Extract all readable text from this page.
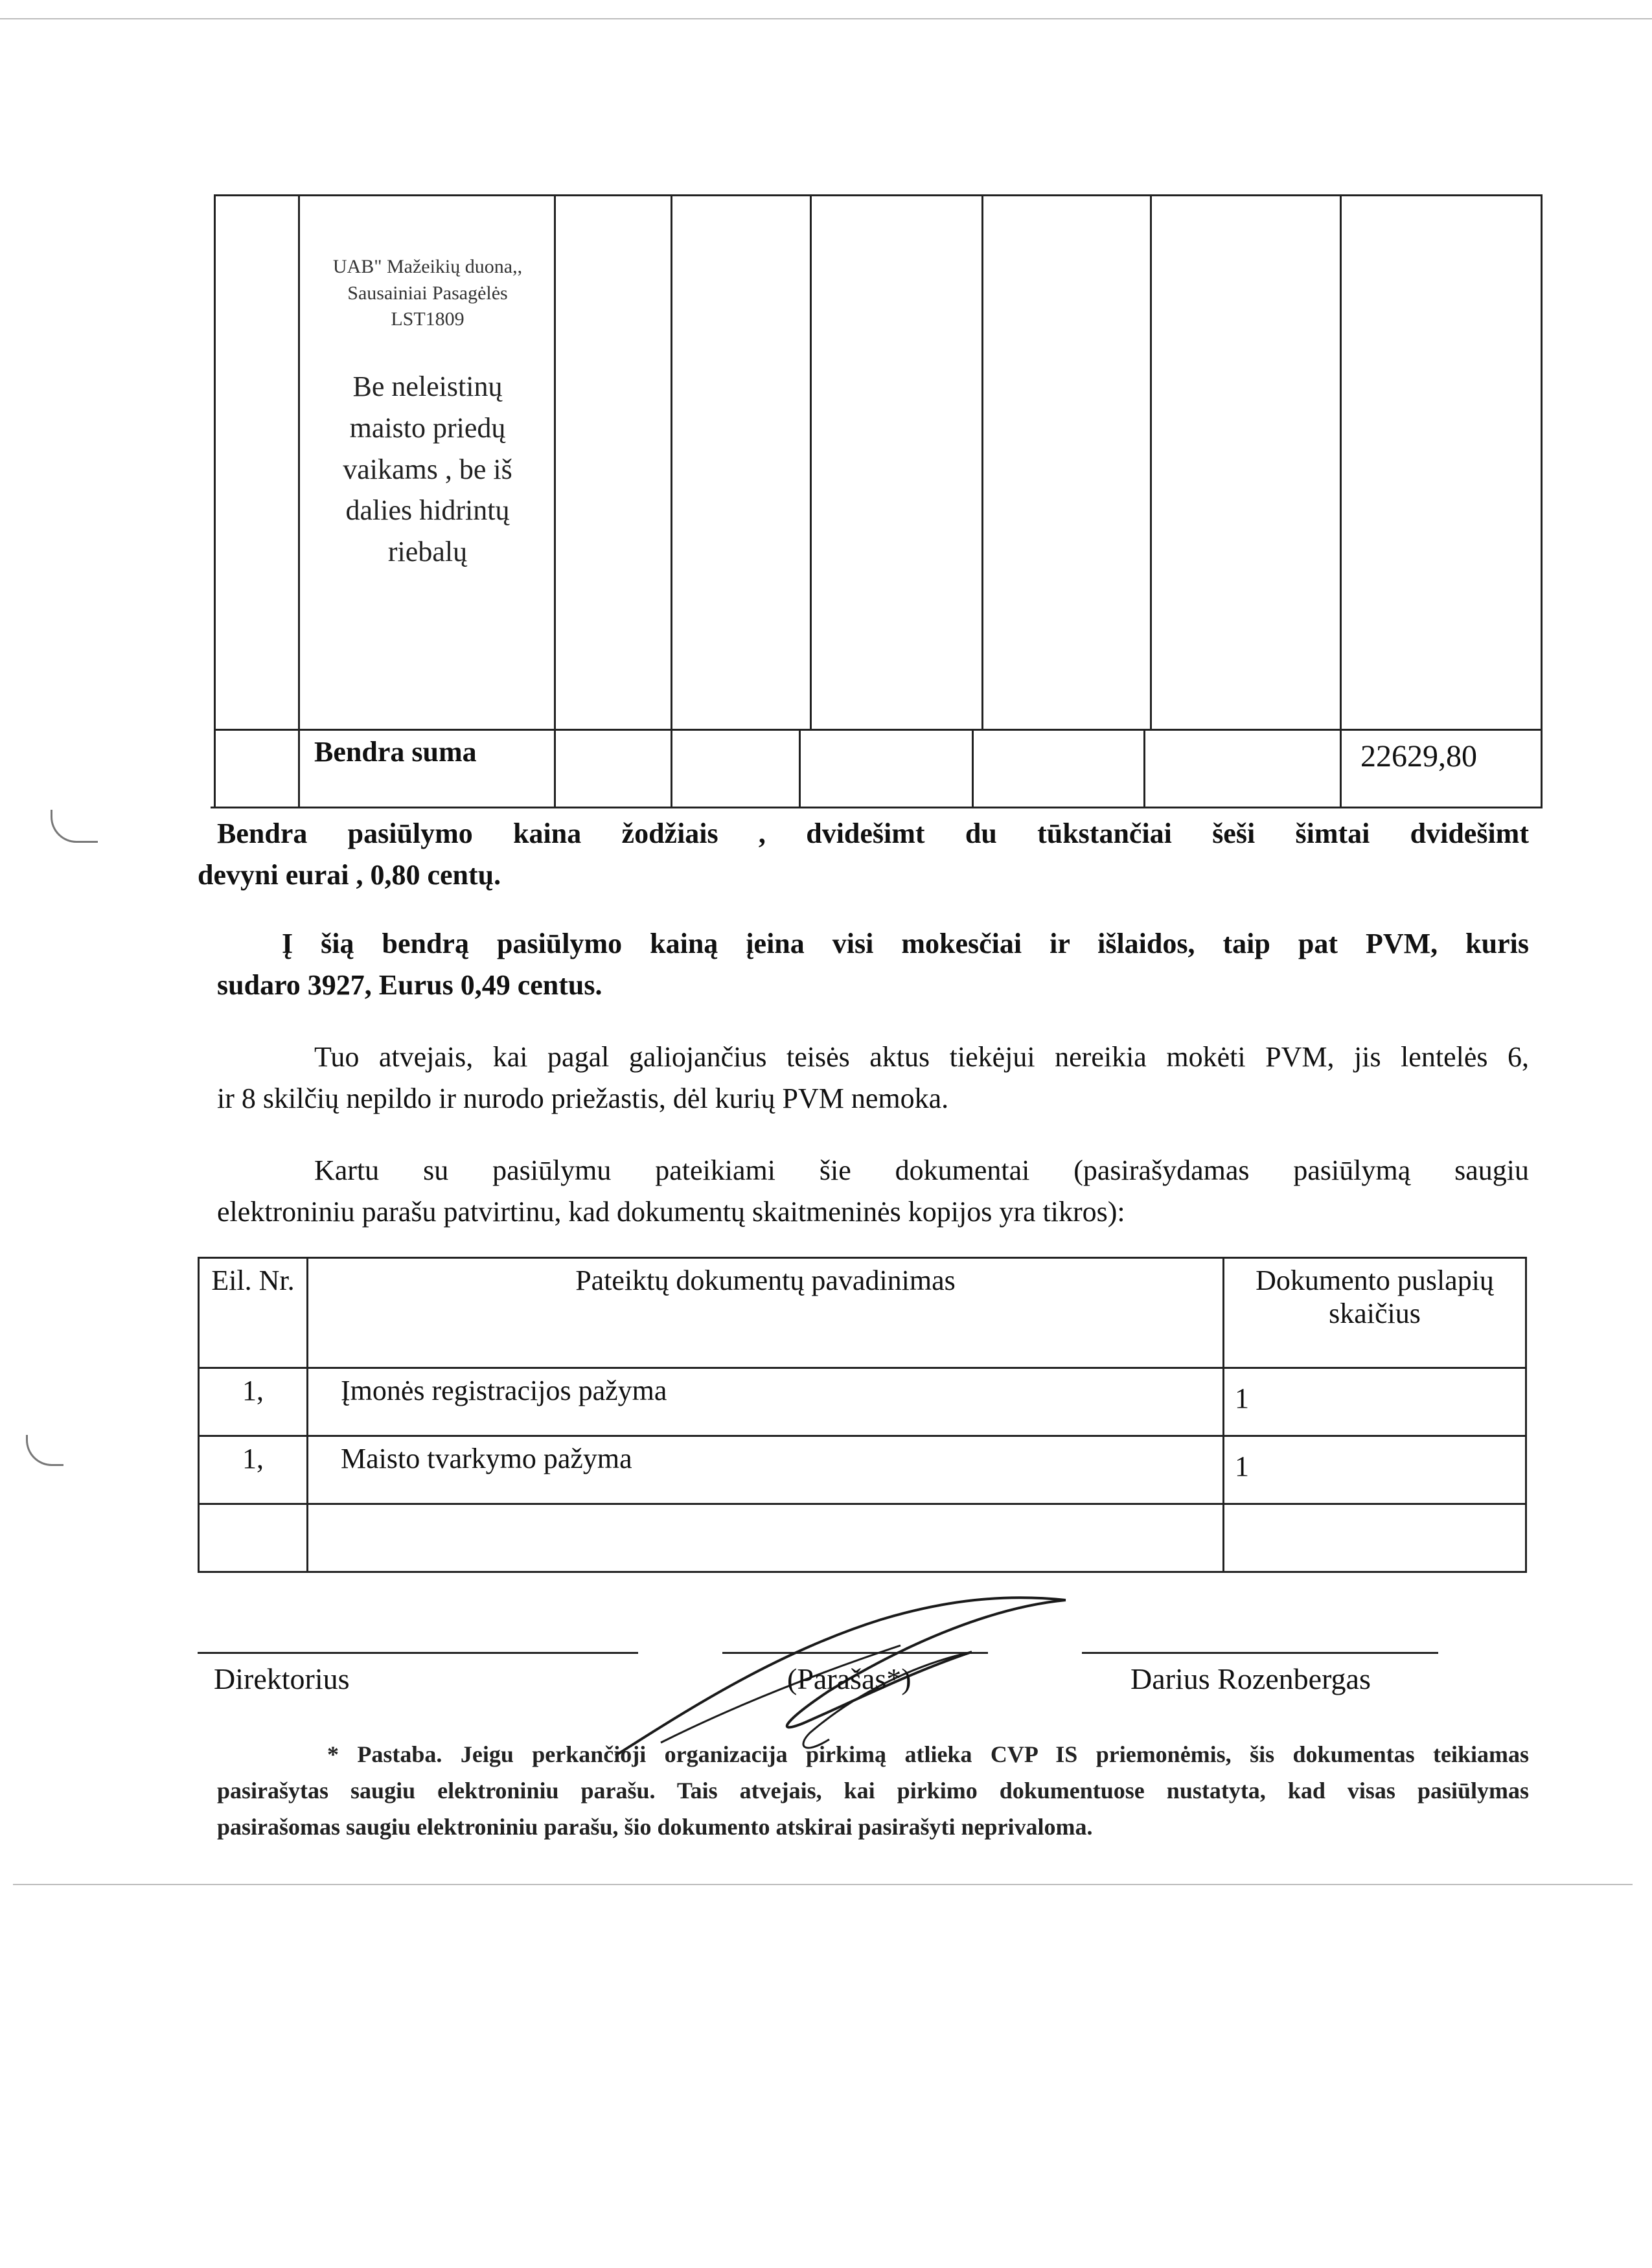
UAB" Mažeikių duona,,
Sausainiai Pasagėlės
LST1809
Be neleistinų
maisto priedų
vaikams , be iš
dalies hidrintų
riebalų
Bendra suma	22629,80
Bendra pasiūlymo kaina žodžiais , dvidešimt du tūkstančiai šeši šimtai dvidešimt
devyni eurai , 0,80 centų.
Į šią bendrą pasiūlymo kainą įeina visi mokesčiai ir išlaidos, taip pat PVM, kuris
sudaro 3927, Eurus 0,49 centus.
Tuo atvejais, kai pagal galiojančius teisės aktus tiekėjui nereikia mokėti PVM, jis lentelės 6,
ir 8 skilčių nepildo ir nurodo priežastis, dėl kurių PVM nemoka.
Kartu su pasiūlymu pateikiami šie dokumentai (pasirašydamas pasiūlymą saugiu
elektroniniu parašu patvirtinu, kad dokumentų skaitmeninės kopijos yra tikros):
Eil. Nr.	Pateiktų dokumentų pavadinimas	Dokumento puslapių skaičius
1,	Įmonės registracijos pažyma	1
1,	Maisto tvarkymo pažyma	1

Direktorius	(Parašas*)	Darius Rozenbergas
* Pastaba. Jeigu perkančioji organizacija pirkimą atlieka CVP IS priemonėmis, šis dokumentas teikiamas
pasirašytas saugiu elektroniniu parašu. Tais atvejais, kai pirkimo dokumentuose nustatyta, kad visas pasiūlymas
pasirašomas saugiu elektroniniu parašu, šio dokumento atskirai pasirašyti neprivaloma.
